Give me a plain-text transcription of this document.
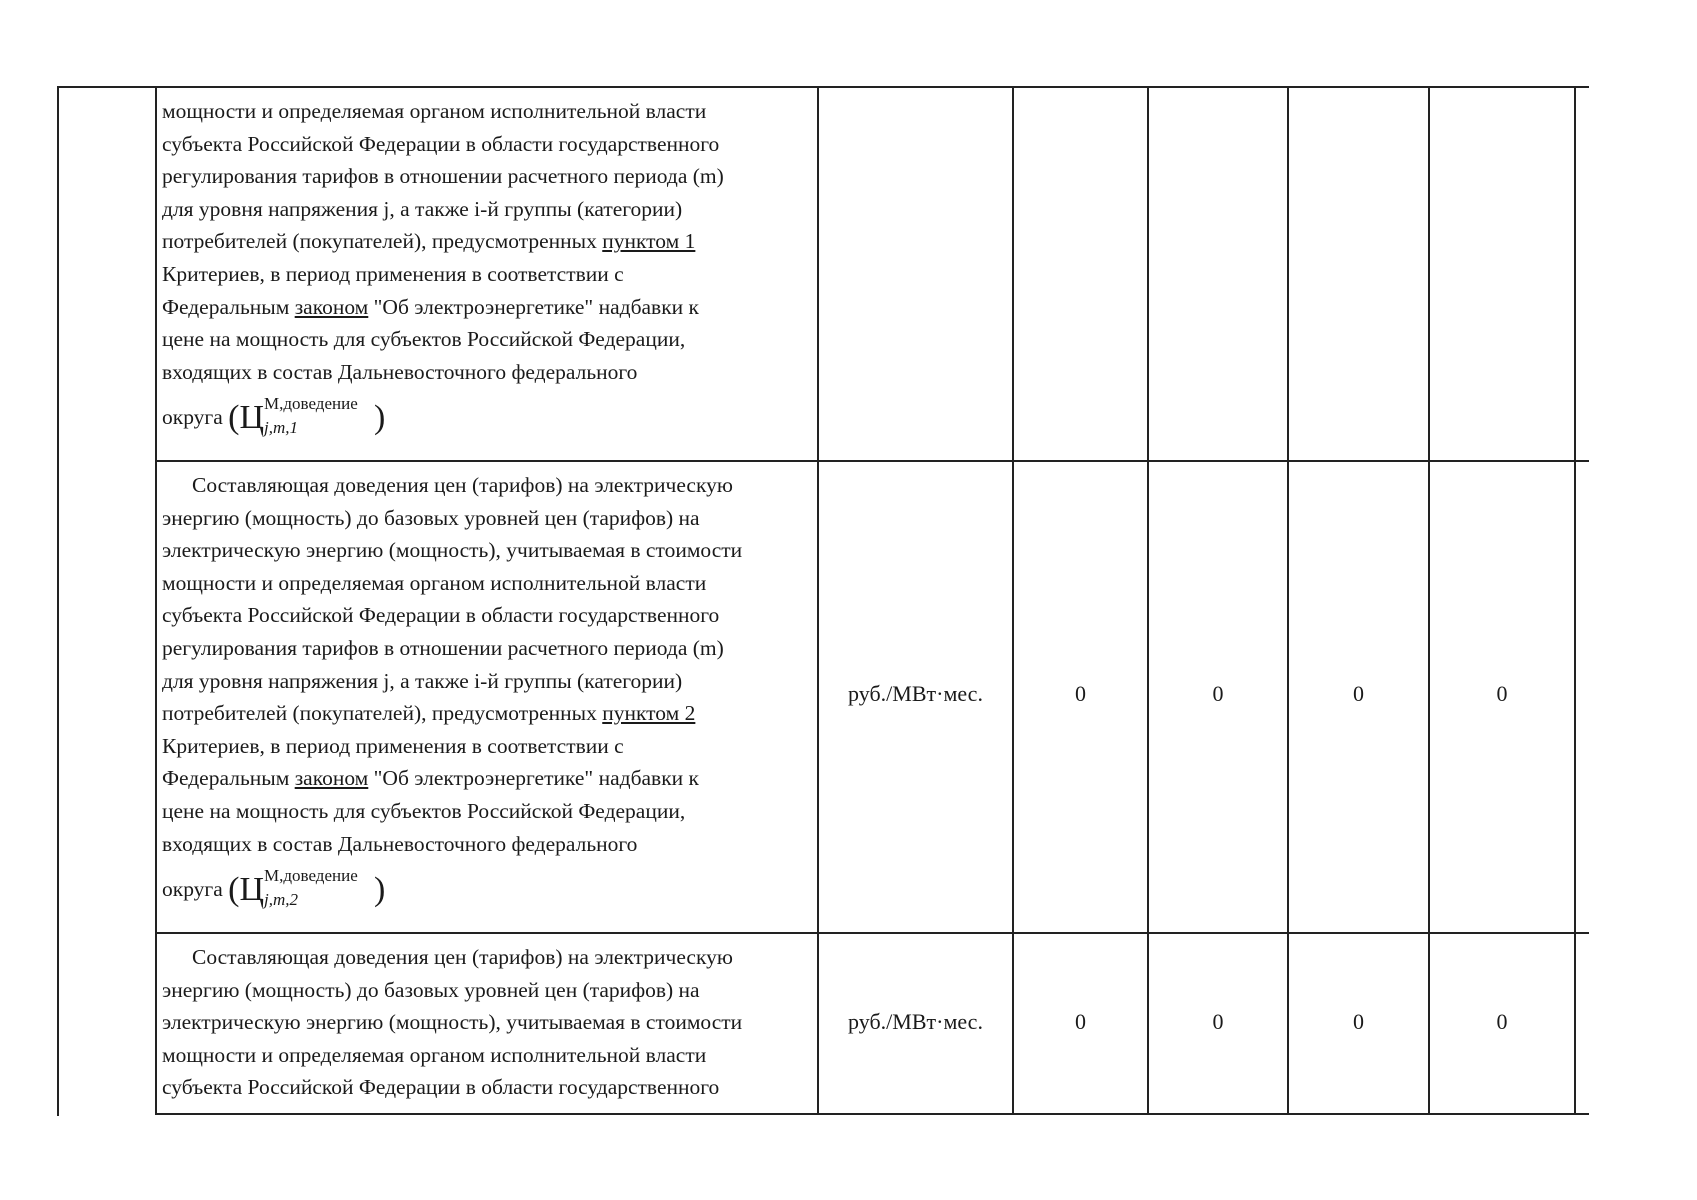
мощности и определяемая органом исполнительной власти
субъекта Российской Федерации в области государственного
регулирования тарифов в отношении расчетного периода (m)
для уровня напряжения j, а также i-й группы (категории)
потребителей (покупателей), предусмотренных пунктом 1
Критериев, в период применения в соответствии с
Федеральным законом "Об электроэнергетике" надбавки к
цене на мощность для субъектов Российской Федерации,
входящих в состав Дальневосточного федерального
округа (Ц М,доведение
j,m,1 )
Составляющая доведения цен (тарифов) на электрическую
энергию (мощность) до базовых уровней цен (тарифов) на
электрическую энергию (мощность), учитываемая в стоимости
мощности и определяемая органом исполнительной власти
субъекта Российской Федерации в области государственного
регулирования тарифов в отношении расчетного периода (m)
для уровня напряжения j, а также i-й группы (категории)
потребителей (покупателей), предусмотренных пунктом 2
Критериев, в период применения в соответствии с
Федеральным законом "Об электроэнергетике" надбавки к
цене на мощность для субъектов Российской Федерации,
входящих в состав Дальневосточного федерального
округа (Ц М,доведение
j,m,2 )
руб./МВт·мес.	0	0	0	0
Составляющая доведения цен (тарифов) на электрическую
энергию (мощность) до базовых уровней цен (тарифов) на
электрическую энергию (мощность), учитываемая в стоимости
мощности и определяемая органом исполнительной власти
субъекта Российской Федерации в области государственного
руб./МВт·мес.	0	0	0	0
